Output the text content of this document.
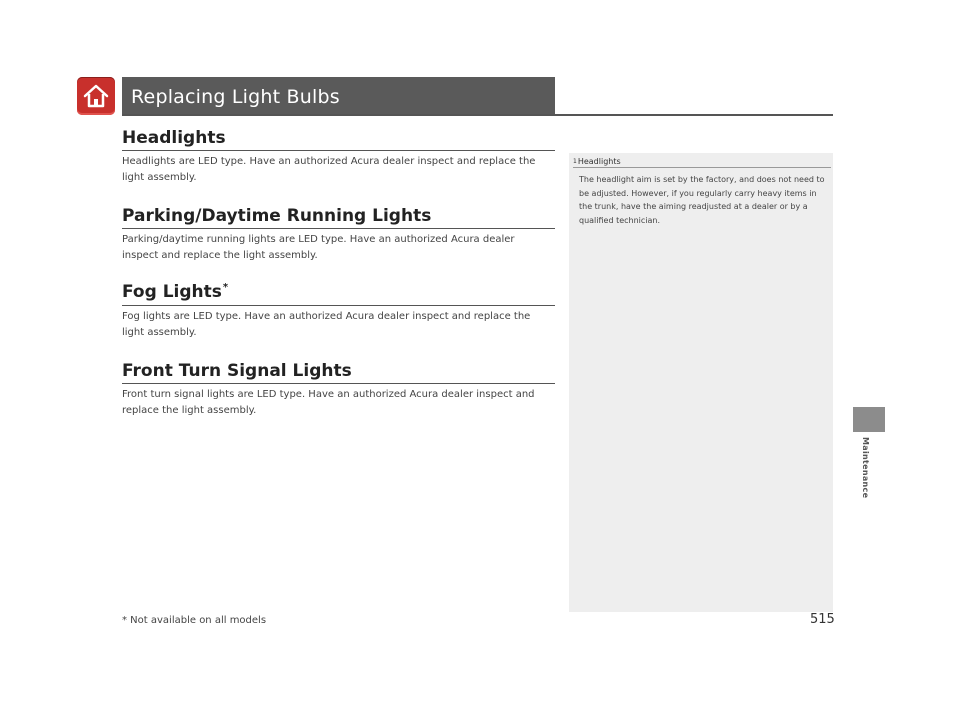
Replacing Light Bulbs
Headlights
Headlights are LED type. Have an authorized Acura dealer inspect and replace the light assembly.
Parking/Daytime Running Lights
Parking/daytime running lights are LED type. Have an authorized Acura dealer inspect and replace the light assembly.
Fog Lights*
Fog lights are LED type. Have an authorized Acura dealer inspect and replace the light assembly.
Front Turn Signal Lights
Front turn signal lights are LED type. Have an authorized Acura dealer inspect and replace the light assembly.
1Headlights
The headlight aim is set by the factory, and does not need to be adjusted. However, if you regularly carry heavy items in the trunk, have the aiming readjusted at a dealer or by a qualified technician.
Maintenance
* Not available on all models	515
